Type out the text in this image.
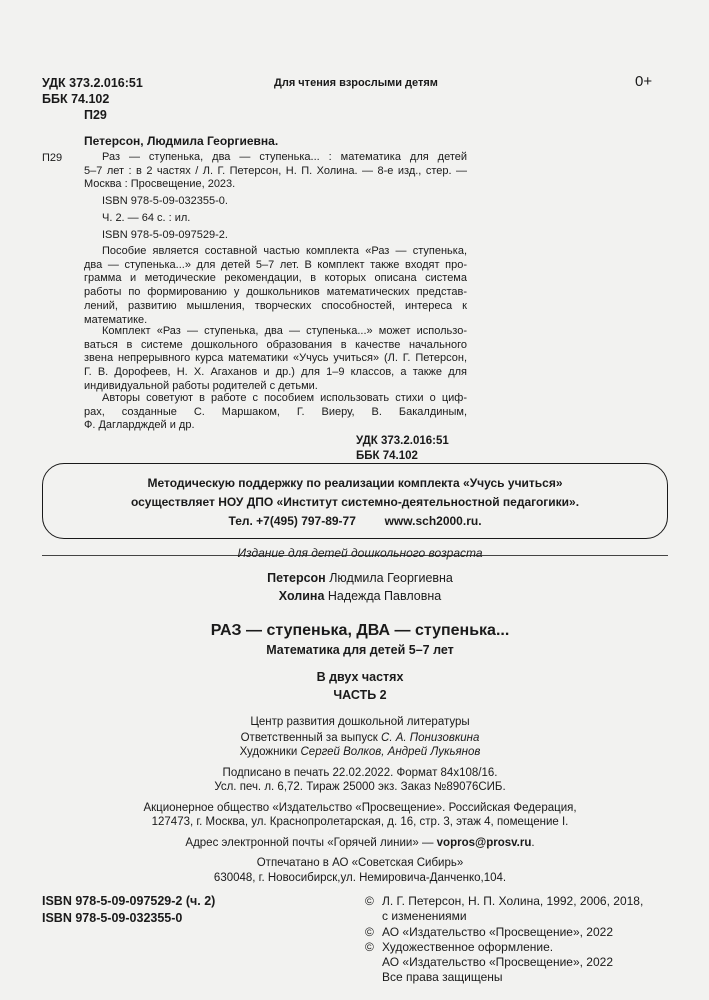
УДК 373.2.016:51
ББК 74.102
П29
Для чтения взрослыми детям	0+
Петерсон, Людмила Георгиевна.
П29	Раз — ступенька, два — ступенька... : математика для детей
5–7 лет : в 2 частях / Л. Г. Петерсон, Н. П. Холина. — 8-е изд., стер. —
Москва : Просвещение, 2023.
ISBN 978-5-09-032355-0.
Ч. 2. — 64 с. : ил.
ISBN 978-5-09-097529-2.
Пособие является составной частью комплекта «Раз — ступенька,
два — ступенька...» для детей 5–7 лет. В комплект также входят про-
грамма и методические рекомендации, в которых описана система
работы по формированию у дошкольников математических представ-
лений, развитию мышления, творческих способностей, интереса к
математике.
Комплект «Раз — ступенька, два — ступенька...» может использо-
ваться в системе дошкольного образования в качестве начального
звена непрерывного курса математики «Учусь учиться» (Л. Г. Петерсон,
Г. В. Дорофеев, Н. Х. Агаханов и др.) для 1–9 классов, а также для
индивидуальной работы родителей с детьми.
Авторы советуют в работе с пособием использовать стихи о циф-
рах, созданные С. Маршаком, Г. Виеру, В. Бакалдиным,
Ф. Даглардждей и др.
УДК 373.2.016:51
ББК 74.102
Методическую поддержку по реализации комплекта «Учусь учиться»
осуществляет НОУ ДПО «Институт системно-деятельностной педагогики».
Тел. +7(495) 797-89-77 www.sch2000.ru.
Издание для детей дошкольного возраста
Петерсон Людмила Георгиевна
Холина Надежда Павловна
РАЗ — ступенька, ДВА — ступенька...
Математика для детей 5–7 лет
В двух частях
ЧАСТЬ 2
Центр развития дошкольной литературы
Ответственный за выпуск С. А. Понизовкина
Художники Сергей Волков, Андрей Лукьянов
Подписано в печать 22.02.2022. Формат 84x108/16.
Усл. печ. л. 6,72. Тираж 25000 экз. Заказ №89076СИБ.
Акционерное общество «Издательство «Просвещение». Российская Федерация,
127473, г. Москва, ул. Краснопролетарская, д. 16, стр. 3, этаж 4, помещение I.
Адрес электронной почты «Горячей линии» — vopros@prosv.ru.
Отпечатано в АО «Советская Сибирь»
630048, г. Новосибирск,ул. Немировича-Данченко,104.
ISBN 978-5-09-097529-2 (ч. 2)
ISBN 978-5-09-032355-0
© Л. Г. Петерсон, Н. П. Холина, 1992, 2006, 2018,
с изменениями
© АО «Издательство «Просвещение», 2022
© Художественное оформление.
АО «Издательство «Просвещение», 2022
Все права защищены
